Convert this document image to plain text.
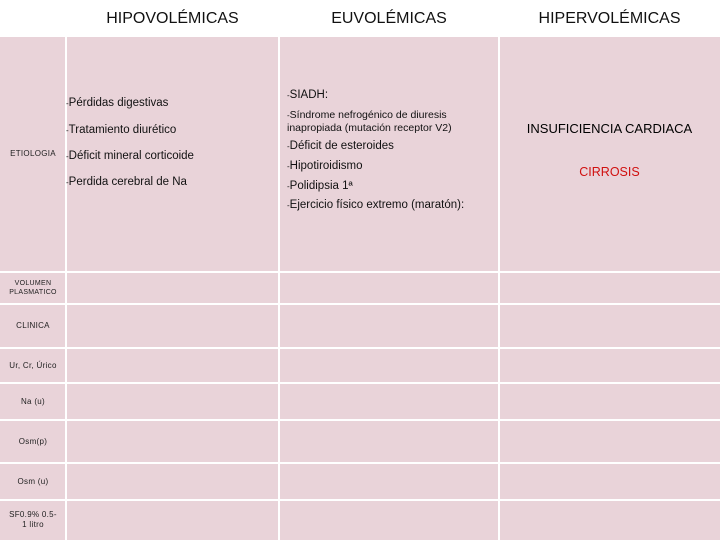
HIPOVOLÉMICAS	EUVOLÉMICAS	HIPERVOLÉMICAS
ETIOLOGIA
VOLUMEN PLASMATICO
CLINICA
Ur, Cr, Úrico
Na (u)
Osm(p)
Osm (u)
SF0.9% 0.5-1 litro
-Pérdidas digestivas
-Tratamiento diurético
-Déficit mineral corticoide
-Perdida cerebral de Na
-SIADH:
-Síndrome nefrogénico de diuresis inapropiada (mutación receptor V2)
-Déficit de esteroides
-Hipotiroidismo
-Polidipsia 1ª
-Ejercicio físico extremo (maratón):
INSUFICIENCIA CARDIACA
CIRROSIS
